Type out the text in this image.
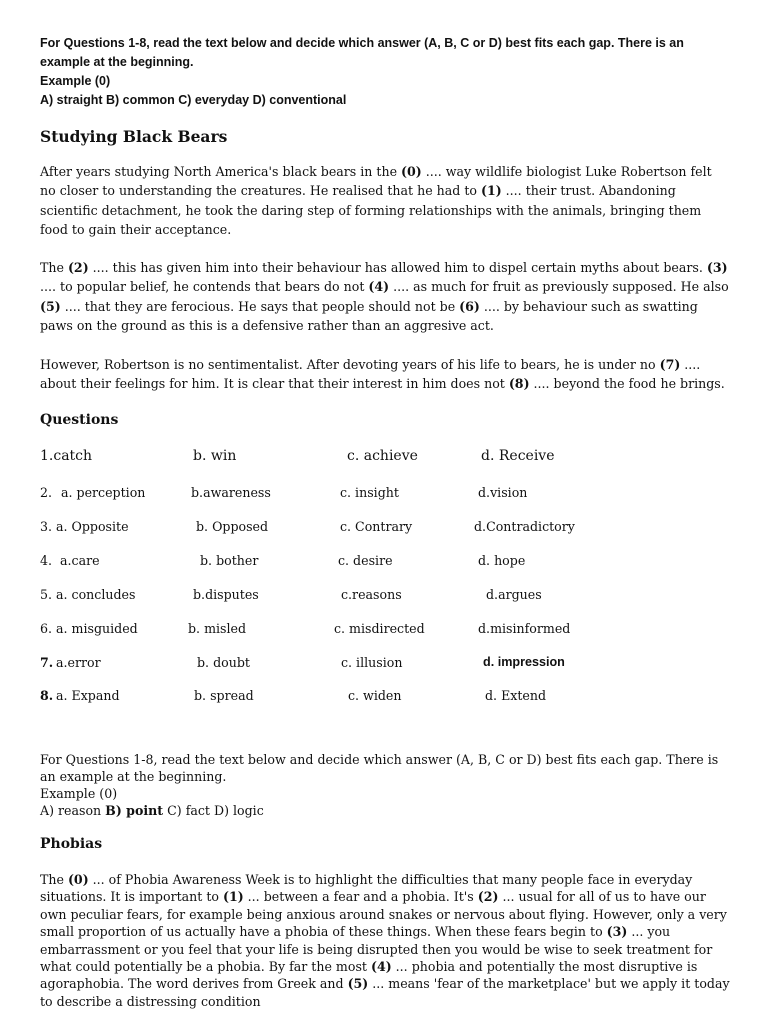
For Questions 1-8, read the text below and decide which answer (A, B, C or D) best fits each gap. There is an example at the beginning.
Example (0)
A) straight B) common C) everyday D) conventional
Studying Black Bears

After years studying North America's black bears in the (0) .... way wildlife biologist Luke Robertson felt no closer to understanding the creatures. He realised that he had to (1) .... their trust. Abandoning scientific detachment, he took the daring step of forming relationships with the animals, bringing them food to gain their acceptance.

The (2) .... this has given him into their behaviour has allowed him to dispel certain myths about bears. (3) .... to popular belief, he contends that bears do not (4) .... as much for fruit as previously supposed. He also (5) .... that they are ferocious. He says that people should not be (6) .... by behaviour such as swatting paws on the ground as this is a defensive rather than an aggresive act.

However, Robertson is no sentimentalist. After devoting years of his life to bears, he is under no (7) .... about their feelings for him. It is clear that their interest in him does not (8) .... beyond the food he brings.

Questions
1.catch	b. win	c. achieve	d. Receive
2. a. perception	b.awareness	c. insight	d.vision
3. a. Opposite	b. Opposed	c. Contrary	d.Contradictory
4. a.care	b. bother	c. desire	d. hope
5. a. concludes	b.disputes	c.reasons	d.argues
6. a. misguided	b. misled	c. misdirected	d.misinformed
7. a.error	b. doubt	c. illusion	d. impression
8. a. Expand	b. spread	c. widen	d. Extend
For Questions 1-8, read the text below and decide which answer (A, B, C or D) best fits each gap. There is an example at the beginning.
Example (0)
A) reason B) point C) fact D) logic
Phobias

The (0) ... of Phobia Awareness Week is to highlight the difficulties that many people face in everyday situations. It is important to (1) ... between a fear and a phobia. It's (2) ... usual for all of us to have our own peculiar fears, for example being anxious around snakes or nervous about flying. However, only a very small proportion of us actually have a phobia of these things. When these fears begin to (3) ... you embarrassment or you feel that your life is being disrupted then you would be wise to seek treatment for what could potentially be a phobia. By far the most (4) ... phobia and potentially the most disruptive is agoraphobia. The word derives from Greek and (5) ... means 'fear of the marketplace' but we apply it today to describe a distressing condition
